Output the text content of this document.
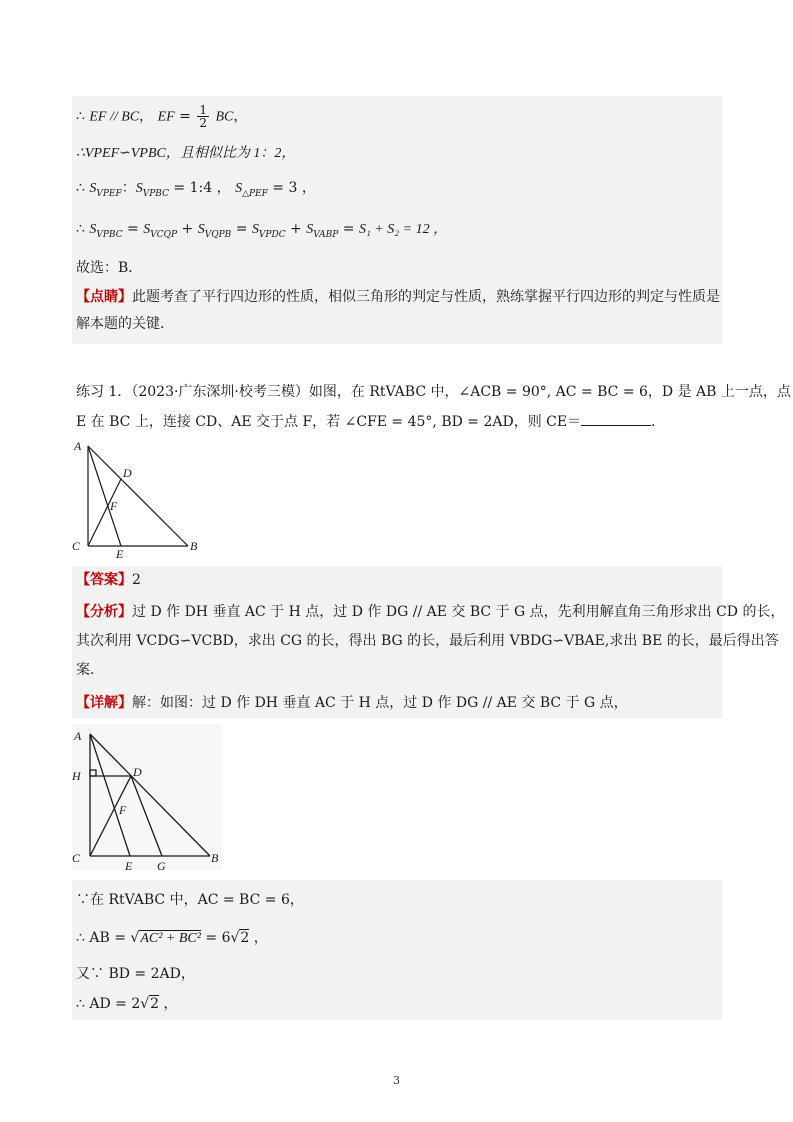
∴ EF // BC， EF = $\frac{1}{2}$ BC，
∴VPEF∽VPBC，且相似比为 1：2，
∴ $S_{VPEF}$：$S_{VPBC}$ = 1:4 ， $S_{\triangle PEF} = 3$ ，
∴ $S_{VPBC} = S_{VCQP} + S_{VQPB} = S_{VPDC} + S_{VABP} = S_1 + S_2 = 12$ ，
故选：B．
【点睛】此题考查了平行四边形的性质，相似三角形的判定与性质，熟练掌握平行四边形的判定与性质是
解本题的关键．
练习 1．（2023·广东深圳·校考三模）如图，在 RtVABC 中，∠ACB = 90°, AC = BC = 6，D 是 AB 上一点，点
E 在 BC 上，连接 CD、AE 交于点 F，若 ∠CFE = 45°, BD = 2AD，则 CE＝	．
A
D
F
C
E
B
【答案】2
【分析】过 D 作 DH 垂直 AC 于 H 点，过 D 作 DG // AE 交 BC 于 G 点，先利用解直角三角形求出 CD 的长，
其次利用 VCDG∽VCBD，求出 CG 的长，得出 BG 的长，最后利用 VBDG∽VBAE,求出 BE 的长，最后得出答
案．
【详解】解：如图：过 D 作 DH 垂直 AC 于 H 点，过 D 作 DG // AE 交 BC 于 G 点，
A
H	D
F
C
E G
B
∵在 RtVABC 中，AC = BC = 6，
∴ AB = √AC² + BC² = 6√2 ，
又∵ BD = 2AD，
∴ AD = 2√2 ，
3
